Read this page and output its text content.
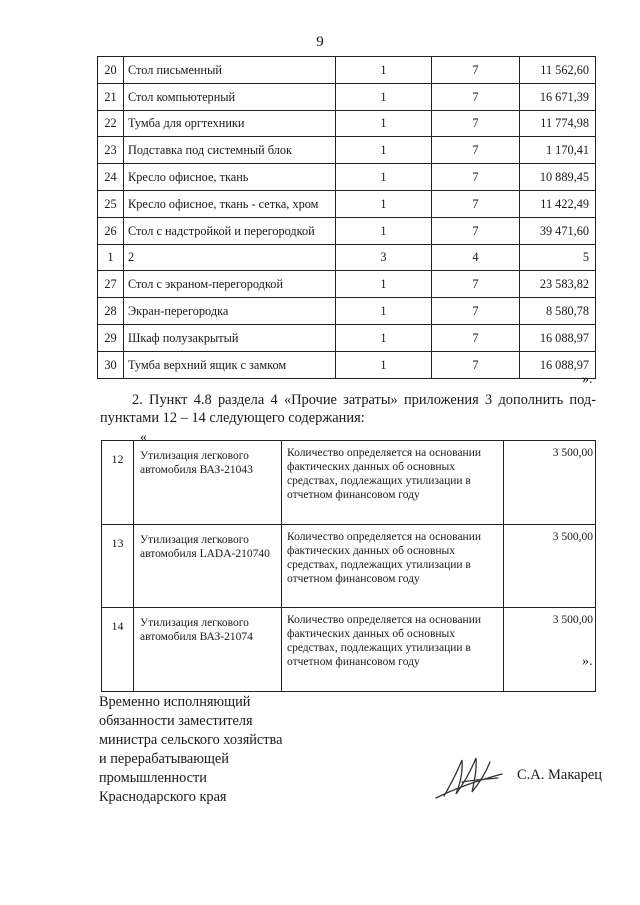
9
20	Стол письменный	1	7	11 562,60
21	Стол компьютерный	1	7	16 671,39
22	Тумба для оргтехники	1	7	11 774,98
23	Подставка под системный блок	1	7	1 170,41
24	Кресло офисное, ткань	1	7	10 889,45
25	Кресло офисное, ткань - сетка, хром	1	7	11 422,49
26	Стол с надстройкой и перегородкой	1	7	39 471,60
1	2	3	4	5
27	Стол с экраном-перегородкой	1	7	23 583,82
28	Экран-перегородка	1	7	8 580,78
29	Шкаф полузакрытый	1	7	16 088,97
30	Тумба верхний ящик с замком	1	7	16 088,97
».
2. Пункт 4.8 раздела 4 «Прочие затраты» приложения 3 дополнить под-
пунктами 12 – 14 следующего содержания:
«
12	Утилизация легкового автомобиля ВАЗ-21043	Количество определяется на основании фактических данных об основных средствах, подлежащих утилизации в отчетном финансовом году	3 500,00
13	Утилизация легкового автомобиля LADA-210740	Количество определяется на основании фактических данных об основных средствах, подлежащих утилизации в отчетном финансовом году	3 500,00
14	Утилизация легкового автомобиля ВАЗ-21074	Количество определяется на основании фактических данных об основных средствах, подлежащих утилизации в отчетном финансовом году	3 500,00
».
Временно исполняющий
обязанности заместителя
министра сельского хозяйства
и перерабатывающей
промышленности
Краснодарского края
С.А. Макарец
